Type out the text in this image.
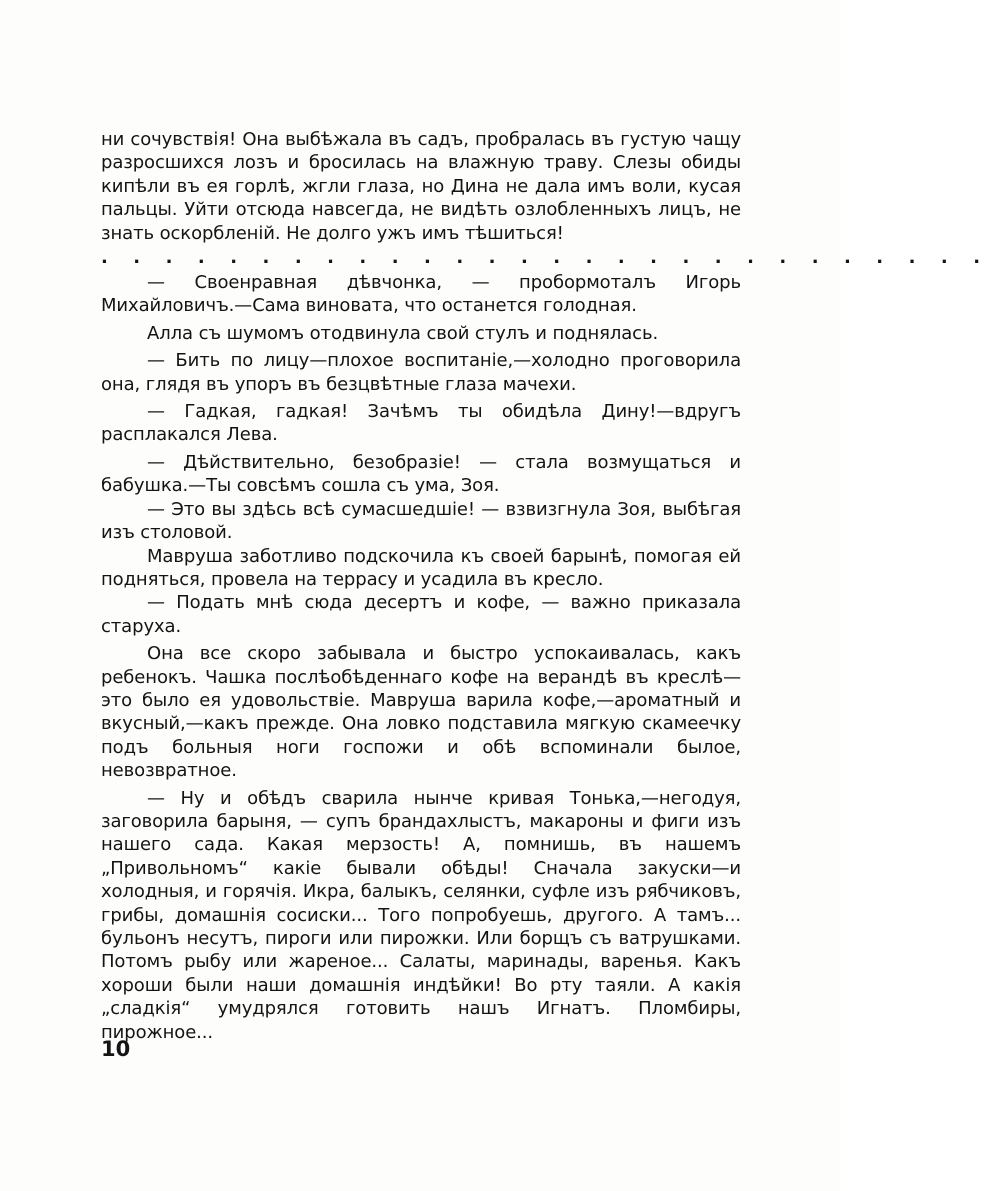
ни сочувствія! Она выбѣжала въ садъ, пробралась въ густую чащу разросшихся лозъ и бросилась на влажную траву. Слезы обиды кипѣли въ ея горлѣ, жгли глаза, но Дина не дала имъ воли, кусая пальцы. Уйти отсюда навсегда, не видѣть озлобленныхъ лицъ, не знать оскорбленій. Не долго ужъ имъ тѣшиться!

. . . . . . . . . . . . . . . . . . . . . . . . . . . .

— Своенравная дѣвчонка, — пробормоталъ Игорь Михайловичъ.—Сама виновата, что останется голодная.

Алла съ шумомъ отодвинула свой стулъ и поднялась.

— Бить по лицу—плохое воспитаніе,—холодно проговорила она, глядя въ упоръ въ безцвѣтные глаза мачехи.

— Гадкая, гадкая! Зачѣмъ ты обидѣла Дину!—вдругъ расплакался Лева.

— Дѣйствительно, безобразіе! — стала возмущаться и бабушка.—Ты совсѣмъ сошла съ ума, Зоя.

— Это вы здѣсь всѣ сумасшедшіе! — взвизгнула Зоя, выбѣгая изъ столовой.

Мавруша заботливо подскочила къ своей барынѣ, помогая ей подняться, провела на террасу и усадила въ кресло.

— Подать мнѣ сюда десертъ и кофе, — важно приказала старуха.

Она все скоро забывала и быстро успокаивалась, какъ ребенокъ. Чашка послѣобѣденнаго кофе на верандѣ въ креслѣ—это было ея удовольствіе. Мавруша варила кофе,—ароматный и вкусный,—какъ прежде. Она ловко подставила мягкую скамеечку подъ больныя ноги госпожи и обѣ вспоминали былое, невозвратное.

— Ну и обѣдъ сварила нынче кривая Тонька,—негодуя, заговорила барыня, — супъ брандахлыстъ, макароны и фиги изъ нашего сада. Какая мерзость! А, помнишь, въ нашемъ „Привольномъ“ какіе бывали обѣды! Сначала закуски—и холодныя, и горячія. Икра, балыкъ, селянки, суфле изъ рябчиковъ, грибы, домашнія сосиски... Того попробуешь, другого. А тамъ... бульонъ несутъ, пироги или пирожки. Или борщъ съ ватрушками. Потомъ рыбу или жареное... Салаты, маринады, варенья. Какъ хороши были наши домашнія индѣйки! Во рту таяли. А какія „сладкія“ умудрялся готовить нашъ Игнатъ. Пломбиры, пирожное...

10
